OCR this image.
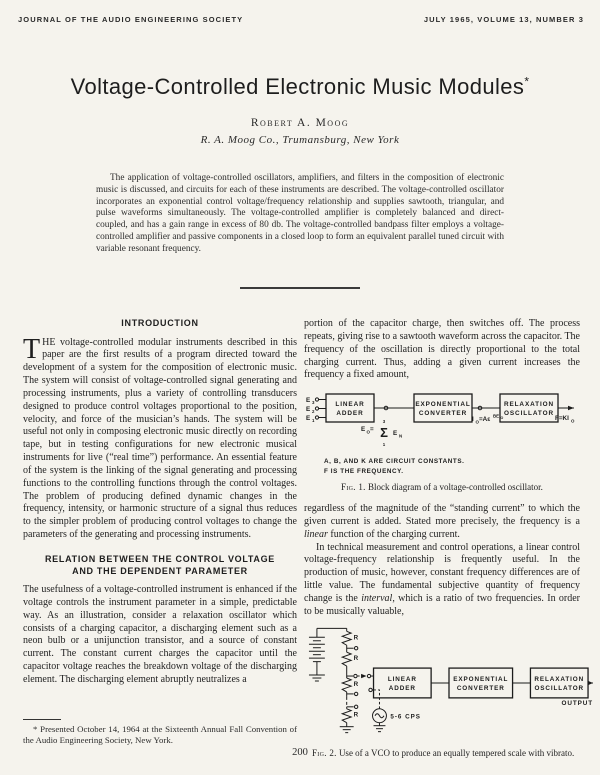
JOURNAL OF THE AUDIO ENGINEERING SOCIETY	JULY 1965, VOLUME 13, NUMBER 3
Voltage-Controlled Electronic Music Modules*
Robert A. Moog
R. A. Moog Co., Trumansburg, New York
The application of voltage-controlled oscillators, amplifiers, and filters in the composition of electronic music is discussed, and circuits for each of these instruments are described. The voltage-controlled oscillator incorporates an exponential control voltage/frequency relationship and supplies sawtooth, triangular, and pulse waveforms simultaneously. The voltage-controlled amplifier is completely balanced and direct-coupled, and has a gain range in excess of 80 db. The voltage-controlled bandpass filter employs a voltage-controlled amplifier and passive components in a closed loop to form an equivalent parallel tuned circuit with variable resonant frequency.
INTRODUCTION

THE voltage-controlled modular instruments described in this paper are the first results of a program directed toward the development of a system for the composition of electronic music. The system will consist of voltage-controlled signal generating and processing instruments, plus a variety of controlling transducers designed to produce control voltages proportional to the position, velocity, and force of the musician’s hands. The system will be useful not only in composing electronic music directly on recording tape, but in testing configurations for new electronic musical instruments for live (“real time”) performance. An essential feature of the system is the linking of the signal generating and processing functions to the controlling functions through the control voltages. The problem of producing defined dynamic changes in the frequency, intensity, or harmonic structure of a signal thus reduces to the simpler problem of producing control voltages to change the parameters of the generating and processing instruments.

RELATION BETWEEN THE CONTROL VOLTAGE AND THE DEPENDENT PARAMETER

The usefulness of a voltage-controlled instrument is enhanced if the voltage controls the instrument parameter in a simple, predictable way. As an illustration, consider a relaxation oscillator which consists of a charging capacitor, a discharging element such as a neon bulb or a unijunction transistor, and a source of constant current. The constant current charges the capacitor until the capacitor voltage reaches the breakdown voltage of the discharging element. The discharging element abruptly neutralizes a

portion of the capacitor charge, then switches off. The process repeats, giving rise to a sawtooth waveform across the capacitor. The frequency of the oscillation is directly proportional to the total charging current. Thus, adding a given current increases the frequency a fixed amount,

E 3
E 2
E 1
LINEAR
ADDER
EXPONENTIAL
CONVERTER
RELAXATION
OSCILLATOR
E O =
3
Σ
1
E N
I O =Aε BE O	F=KI O
A, B, AND K ARE CIRCUIT CONSTANTS.
F IS THE FREQUENCY.
Fig. 1. Block diagram of a voltage-controlled oscillator.

regardless of the magnitude of the “standing current” to which the given current is added. Stated more precisely, the frequency is a linear function of the charging current.

In technical measurement and control operations, a linear control voltage-frequency relationship is frequently useful. In the production of music, however, constant frequency differences are of little value. The fundamental subjective quantity of frequency change is the interval, which is a ratio of two frequencies. In order to be musically valuable,

R
R
R
R	5-6 CPS
LINEAR
ADDER
EXPONENTIAL
CONVERTER
RELAXATION
OSCILLATOR
OUTPUT
Fig. 2. Use of a VCO to produce an equally tempered scale with vibrato.

* Presented October 14, 1964 at the Sixteenth Annual Fall Convention of the Audio Engineering Society, New York.

200
